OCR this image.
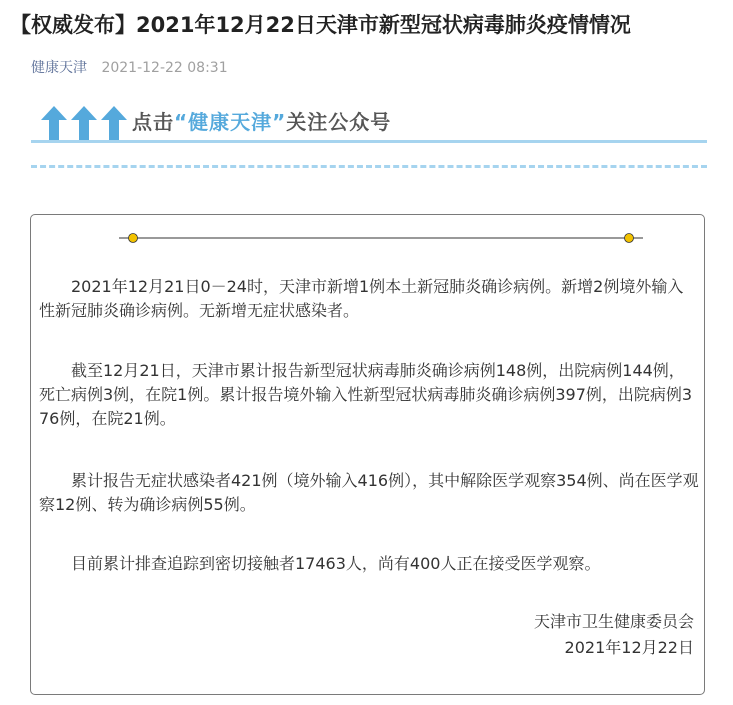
【权威发布】2021年12月22日天津市新型冠状病毒肺炎疫情情况
健康天津 2021-12-22 08:31
点击“健康天津”关注公众号

2021年12月21日0－24时，天津市新增1例本土新冠肺炎确诊病例。新增2例境外输入性新冠肺炎确诊病例。无新增无症状感染者。

截至12月21日，天津市累计报告新型冠状病毒肺炎确诊病例148例，出院病例144例，死亡病例3例，在院1例。累计报告境外输入性新型冠状病毒肺炎确诊病例397例，出院病例376例，在院21例。

累计报告无症状感染者421例（境外输入416例），其中解除医学观察354例、尚在医学观察12例、转为确诊病例55例。

目前累计排查追踪到密切接触者17463人，尚有400人正在接受医学观察。

天津市卫生健康委员会
2021年12月22日
